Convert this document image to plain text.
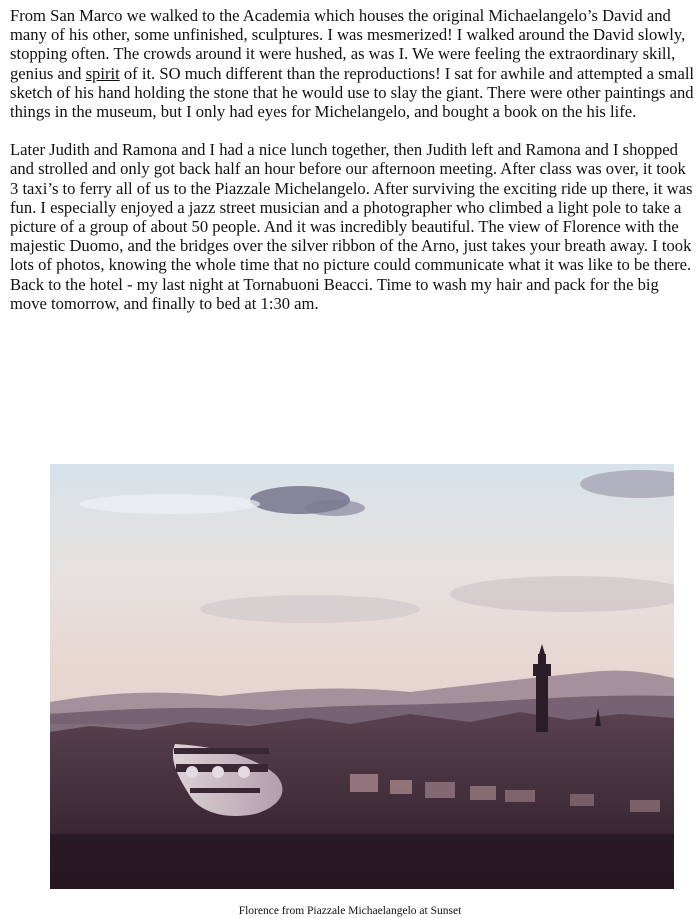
From San Marco we walked to the Academia which houses the original Michaelangelo’s David and many of his other, some unfinished, sculptures. I was mesmerized! I walked around the David slowly, stopping often. The crowds around it were hushed, as was I. We were feeling the extraordinary skill, genius and spirit of it. SO much different than the reproductions! I sat for awhile and attempted a small sketch of his hand holding the stone that he would use to slay the giant. There were other paintings and things in the museum, but I only had eyes for Michelangelo, and bought a book on the his life.

Later Judith and Ramona and I had a nice lunch together, then Judith left and Ramona and I shopped and strolled and only got back half an hour before our afternoon meeting. After class was over, it took 3 taxi’s to ferry all of us to the Piazzale Michelangelo. After surviving the exciting ride up there, it was fun. I especially enjoyed a jazz street musician and a photographer who climbed a light pole to take a picture of a group of about 50 people. And it was incredibly beautiful. The view of Florence with the majestic Duomo, and the bridges over the silver ribbon of the Arno, just takes your breath away. I took lots of photos, knowing the whole time that no picture could communicate what it was like to be there. Back to the hotel - my last night at Tornabuoni Beacci. Time to wash my hair and pack for the big move tomorrow, and finally to bed at 1:30 am.

Florence from Piazzale Michaelangelo at Sunset
